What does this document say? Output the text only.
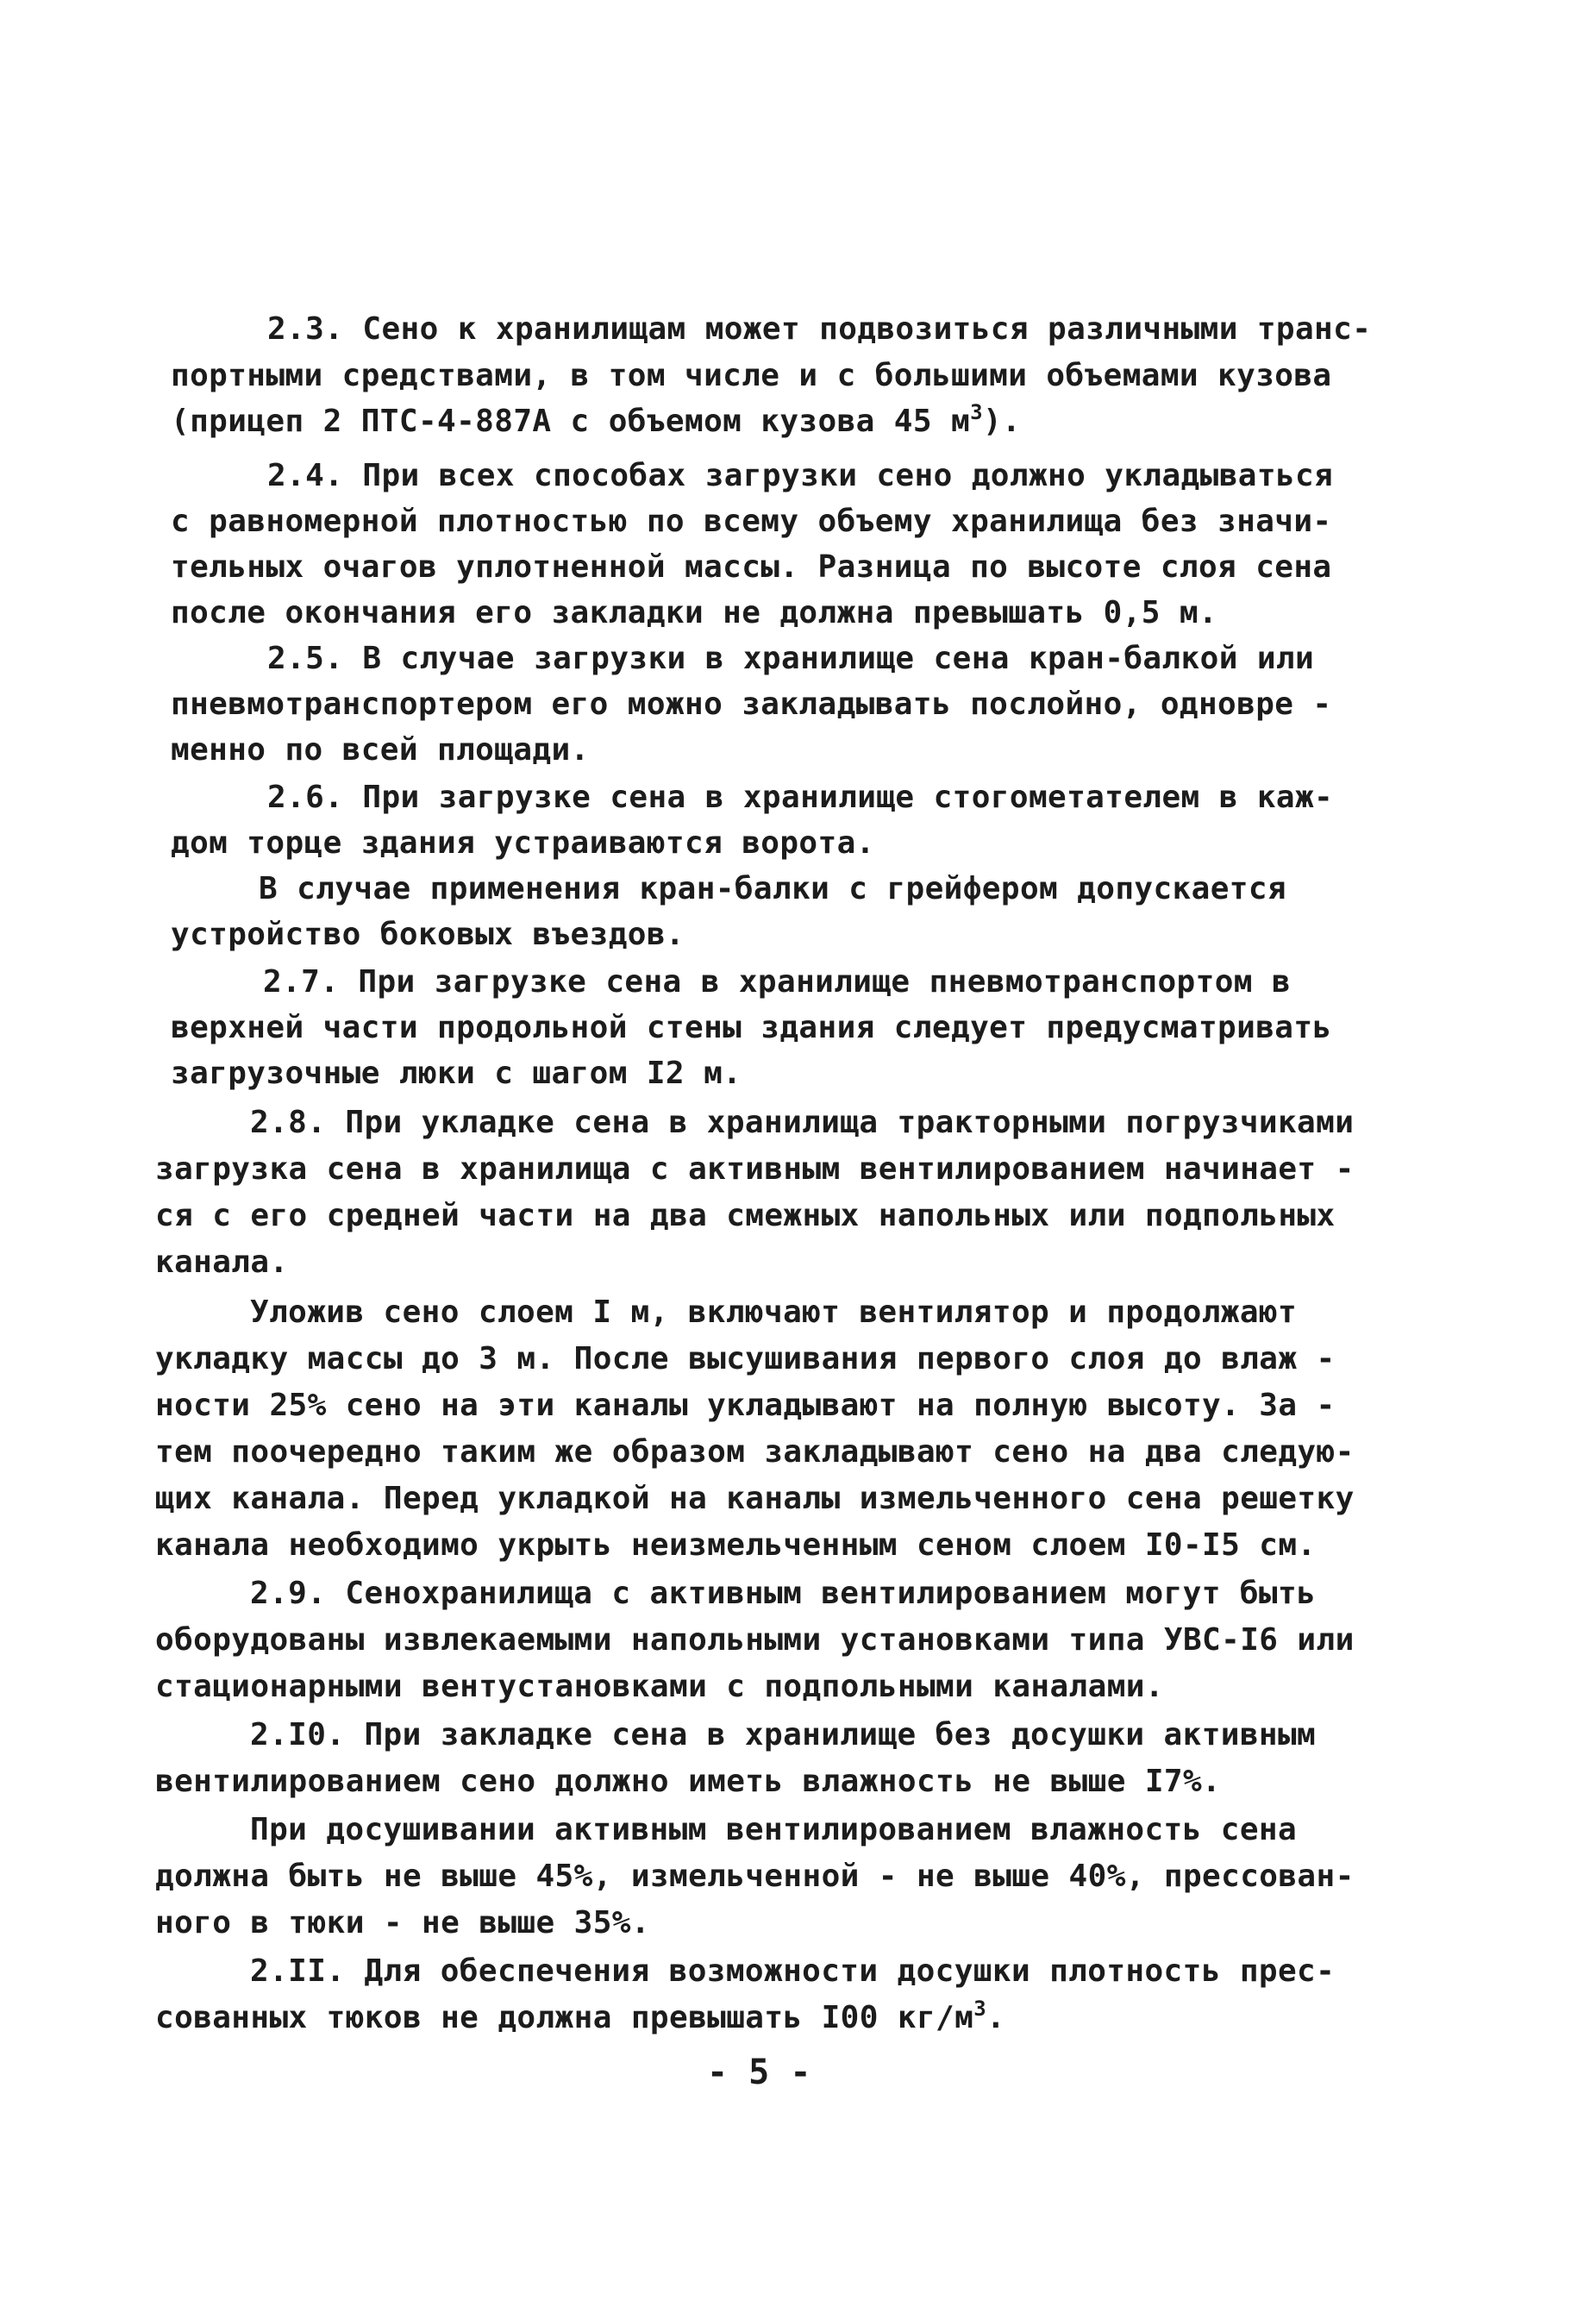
2.3. Сено к хранилищам может подвозиться различными транс-
портными средствами, в том числе и с большими объемами кузова
(прицеп 2 ПТС-4-887А с объемом кузова 45 $м^3$).
2.4. При всех способах загрузки сено должно укладываться
с равномерной плотностью по всему объему хранилища без значи-
тельных очагов уплотненной массы. Разница по высоте слоя сена
после окончания его закладки не должна превышать 0,5 м.
2.5. В случае загрузки в хранилище сена кран-балкой или
пневмотранспортером его можно закладывать послойно, одновре -
менно по всей площади.
2.6. При загрузке сена в хранилище стогометателем в каж-
дом торце здания устраиваются ворота.
В случае применения кран-балки с грейфером допускается
устройство боковых въездов.
2.7. При загрузке сена в хранилище пневмотранспортом в
верхней части продольной стены здания следует предусматривать
загрузочные люки с шагом I2 м.
2.8. При укладке сена в хранилища тракторными погрузчиками
загрузка сена в хранилища с активным вентилированием начинает -
ся с его средней части на два смежных напольных или подпольных
канала.
Уложив сено слоем I м, включают вентилятор и продолжают
укладку массы до 3 м. После высушивания первого слоя до влаж -
ности 25% сено на эти каналы укладывают на полную высоту. За -
тем поочередно таким же образом закладывают сено на два следую-
щих канала. Перед укладкой на каналы измельченного сена решетку
канала необходимо укрыть неизмельченным сеном слоем I0-I5 см.
2.9. Сенохранилища с активным вентилированием могут быть
оборудованы извлекаемыми напольными установками типа УВС-I6 или
стационарными вентустановками с подпольными каналами.
2.I0. При закладке сена в хранилище без досушки активным
вентилированием сено должно иметь влажность не выше I7%.
При досушивании активным вентилированием влажность сена
должна быть не выше 45%, измельченной - не выше 40%, прессован-
ного в тюки - не выше 35%.
2.II. Для обеспечения возможности досушки плотность прес-
сованных тюков не должна превышать I00 $кг/м^3$.
- 5 -
